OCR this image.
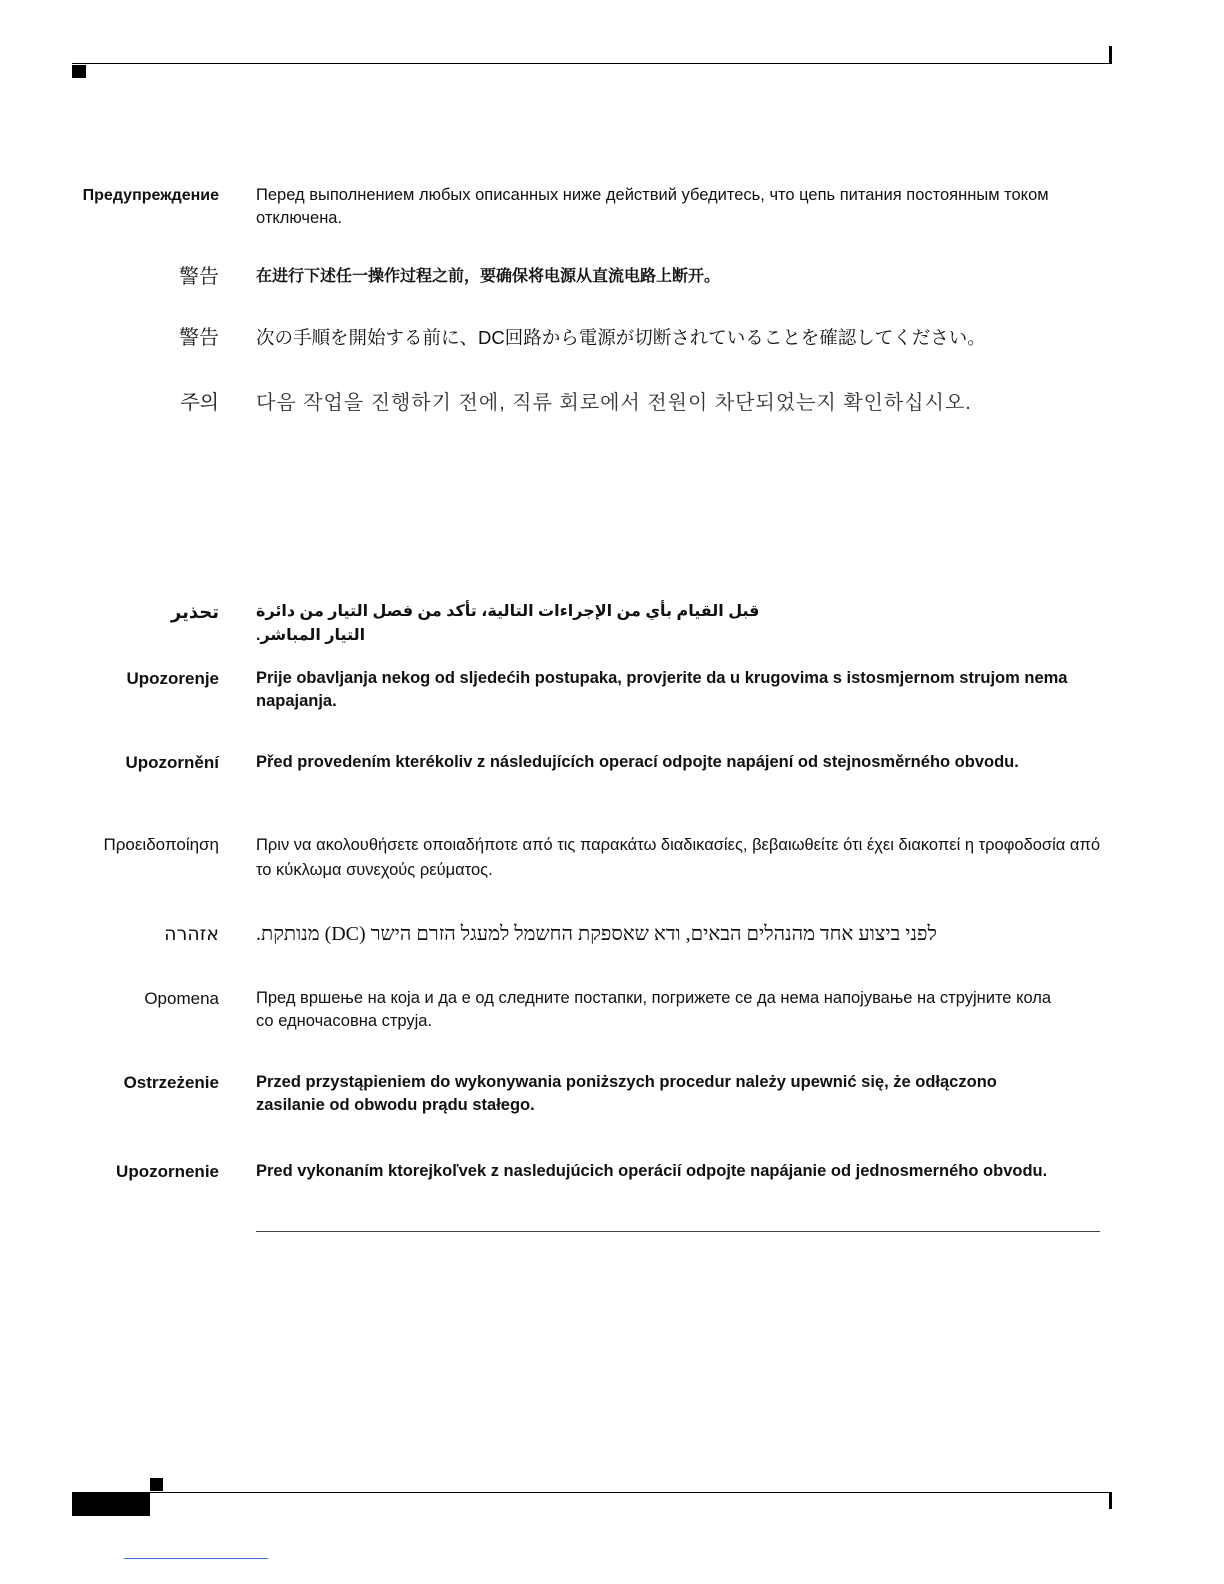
Предупреждение Перед выполнением любых описанных ниже действий убедитесь, что цепь питания постоянным током отключена.
警告 在进行下述任一操作过程之前，要确保将电源从直流电路上断开。
警告 次の手順を開始する前に、DC回路から電源が切断されていることを確認してください。
주의 다음 작업을 진행하기 전에, 직류 회로에서 전원이 차단되었는지 확인하십시오.
تحذير قبل القيام بأي من الإجراءات التالية، تأكد من فصل التيار من دائرة التيار المباشر.
Upozorenje Prije obavljanja nekog od sljedećih postupaka, provjerite da u krugovima s istosmjernom strujom nema napajanja.
Upozornění Před provedením kterékoliv z následujících operací odpojte napájení od stejnosměrného obvodu.
Προειδοποίηση Πριν να ακολουθήσετε οποιαδήποτε από τις παρακάτω διαδικασίες, βεβαιωθείτε ότι έχει διακοπεί η τροφοδοσία από το κύκλωμα συνεχούς ρεύματος.
אזהרה לפני ביצוע אחד מהנהלים הבאים, ודא שאספקת החשמל למעגל הזרם הישר (DC) מנותקת.
Opomena Пред вршење на која и да е од следните постапки, погрижете се да нема напојување на струјните кола со едночасовна струја.
Ostrzeżenie Przed przystąpieniem do wykonywania poniższych procedur należy upewnić się, że odłączono zasilanie od obwodu prądu stałego.
Upozornenie Pred vykonaním ktorejkoľvek z nasledujúcich operácií odpojte napájanie od jednosmerného obvodu.
